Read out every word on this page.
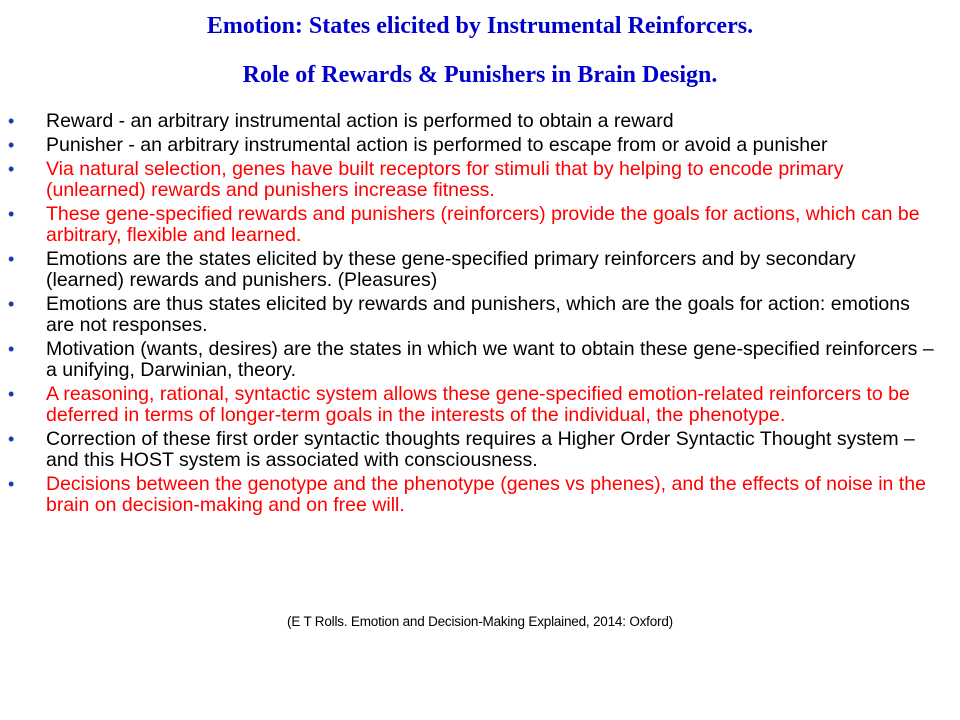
Emotion: States elicited by Instrumental Reinforcers.
Role of Rewards & Punishers in Brain Design.
•	Reward - an arbitrary instrumental action is performed to obtain a reward
•	Punisher - an arbitrary instrumental action is performed to escape from or avoid a punisher
•	Via natural selection, genes have built receptors for stimuli that by helping to encode primary (unlearned) rewards and punishers increase fitness.
•	These gene-specified rewards and punishers (reinforcers) provide the goals for actions, which can be arbitrary, flexible and learned.
•	Emotions are the states elicited by these gene-specified primary reinforcers and by secondary (learned) rewards and punishers. (Pleasures)
•	Emotions are thus states elicited by rewards and punishers, which are the goals for action: emotions are not responses.
•	Motivation (wants, desires) are the states in which we want to obtain these gene-specified reinforcers – a unifying, Darwinian, theory.
•	A reasoning, rational, syntactic system allows these gene-specified emotion-related reinforcers to be deferred in terms of longer-term goals in the interests of the individual, the phenotype.
•	Correction of these first order syntactic thoughts requires a Higher Order Syntactic Thought system – and this HOST system is associated with consciousness.
•	Decisions between the genotype and the phenotype (genes vs phenes), and the effects of noise in the brain on decision-making and on free will.
(E T Rolls. Emotion and Decision-Making Explained, 2014: Oxford)
